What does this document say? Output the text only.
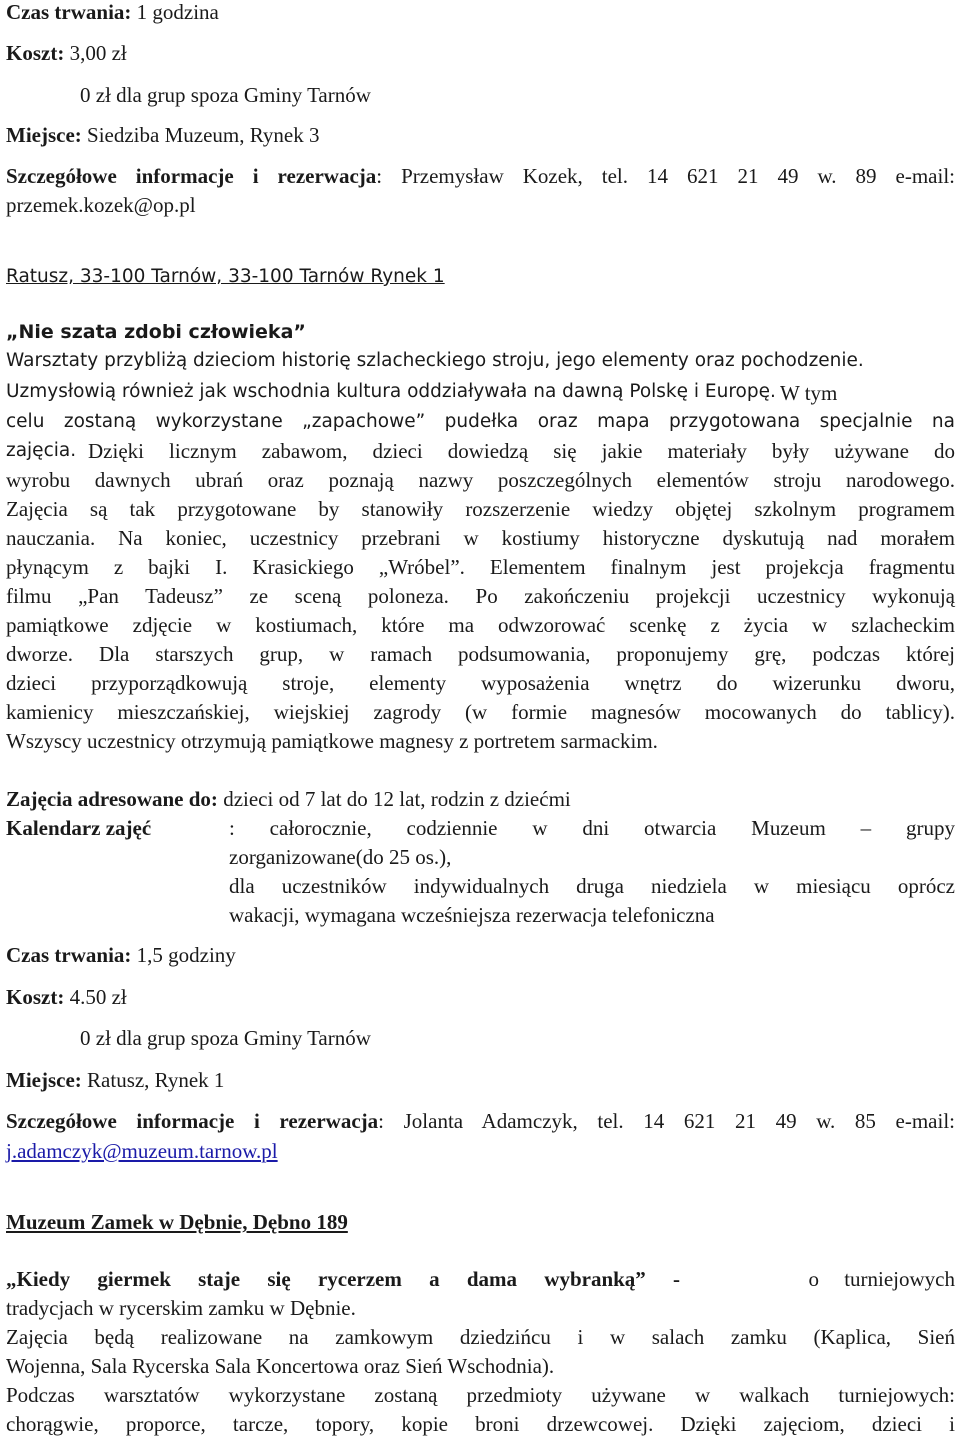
Czas trwania: 1 godzina
Koszt: 3,00 zł
0 zł dla grup spoza Gminy Tarnów
Miejsce: Siedziba Muzeum, Rynek 3
Szczegółowe informacje i rezerwacja: Przemysław Kozek, tel. 14 621 21 49 w. 89 e-mail:
przemek.kozek@op.pl
Ratusz, 33-100 Tarnów, 33-100 Tarnów Rynek 1
„Nie szata zdobi człowieka”
Warsztaty przybliżą dzieciom historię szlacheckiego stroju, jego elementy oraz pochodzenie.
Uzmysłowią również jak wschodnia kultura oddziaływała na dawną Polskę i Europę. W tym
celu zostaną wykorzystane „zapachowe” pudełka oraz mapa przygotowana specjalnie na
zajęcia. Dzięki licznym zabawom, dzieci dowiedzą się jakie materiały były używane do
wyrobu dawnych ubrań oraz poznają nazwy poszczególnych elementów stroju narodowego.
Zajęcia są tak przygotowane by stanowiły rozszerzenie wiedzy objętej szkolnym programem
nauczania. Na koniec, uczestnicy przebrani w kostiumy historyczne dyskutują nad morałem
płynącym z bajki I. Krasickiego „Wróbel”. Elementem finalnym jest projekcja fragmentu
filmu „Pan Tadeusz” ze sceną poloneza. Po zakończeniu projekcji uczestnicy wykonują
pamiątkowe zdjęcie w kostiumach, które ma odwzorować scenkę z życia w szlacheckim
dworze. Dla starszych grup, w ramach podsumowania, proponujemy grę, podczas której
dzieci przyporządkowują stroje, elementy wyposażenia wnętrz do wizerunku dworu,
kamienicy mieszczańskiej, wiejskiej zagrody (w formie magnesów mocowanych do tablicy).
Wszyscy uczestnicy otrzymują pamiątkowe magnesy z portretem sarmackim.
Zajęcia adresowane do: dzieci od 7 lat do 12 lat, rodzin z dziećmi
Kalendarz zajęć	: całorocznie, codziennie w dni otwarcia Muzeum – grupy
zorganizowane(do 25 os.),
dla uczestników indywidualnych druga niedziela w miesiącu oprócz
wakacji, wymagana wcześniejsza rezerwacja telefoniczna
Czas trwania: 1,5 godziny
Koszt: 4.50 zł
0 zł dla grup spoza Gminy Tarnów
Miejsce: Ratusz, Rynek 1
Szczegółowe informacje i rezerwacja: Jolanta Adamczyk, tel. 14 621 21 49 w. 85 e-mail:
j.adamczyk@muzeum.tarnow.pl
Muzeum Zamek w Dębnie, Dębno 189
„Kiedy giermek staje się rycerzem a dama wybranką” -	o turniejowych
tradycjach w rycerskim zamku w Dębnie.
Zajęcia będą realizowane na zamkowym dziedzińcu i w salach zamku (Kaplica, Sień
Wojenna, Sala Rycerska Sala Koncertowa oraz Sień Wschodnia).
Podczas warsztatów wykorzystane zostaną przedmioty używane w walkach turniejowych:
chorągwie, proporce, tarcze, topory, kopie broni drzewcowej. Dzięki zajęciom, dzieci i
